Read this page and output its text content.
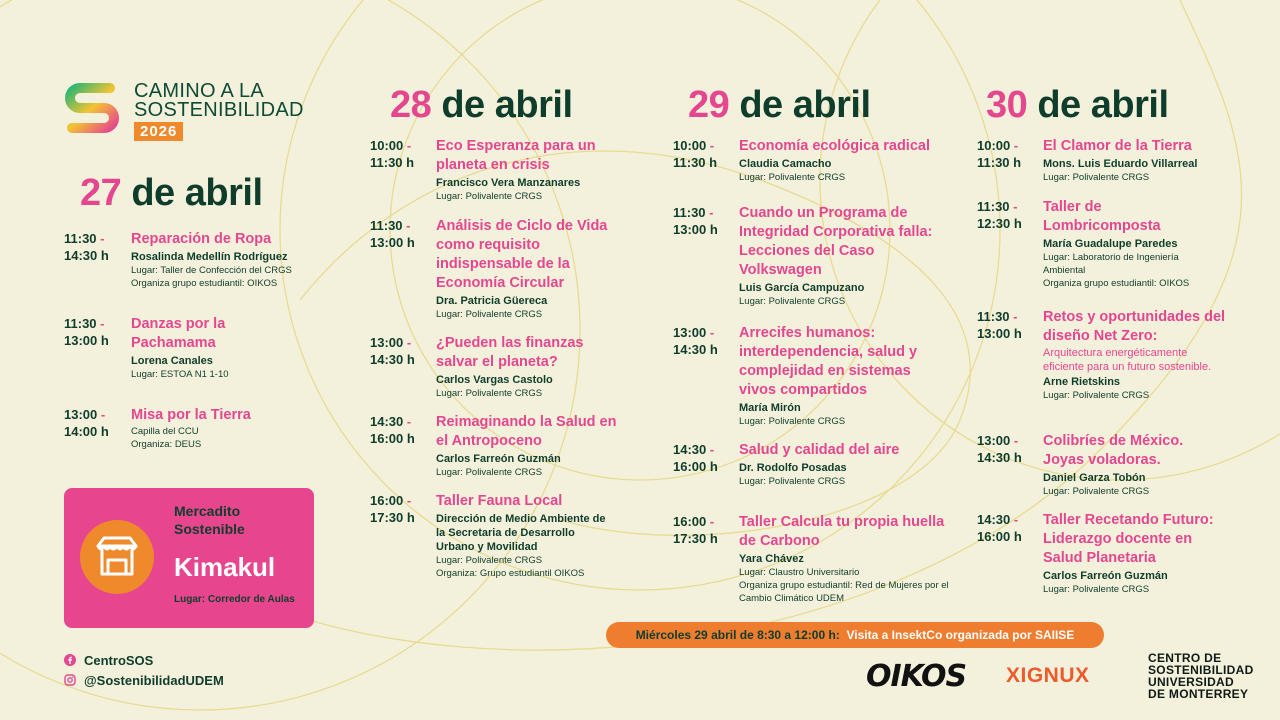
CAMINO A LA
SOSTENIBILIDAD
2026
27 de abril
11:30 -
14:30 h
Reparación de Ropa
Rosalinda Medellín Rodríguez
Lugar: Taller de Confección del CRGS
Organiza grupo estudiantil: OIKOS
11:30 -
13:00 h
Danzas por la Pachamama
Lorena Canales
Lugar: ESTOA N1 1-10
13:00 -
14:00 h
Misa por la Tierra
Capilla del CCU
Organiza: DEUS
Mercadito
Sostenible
Kimakul
Lugar: Corredor de Aulas
CentroSOS
@SostenibilidadUDEM
28 de abril
10:00 -
11:30 h
Eco Esperanza para un planeta en crisis
Francisco Vera Manzanares
Lugar: Polivalente CRGS
11:30 -
13:00 h
Análisis de Ciclo de Vida como requisito indispensable de la Economía Circular
Dra. Patricia Güereca
Lugar: Polivalente CRGS
13:00 -
14:30 h
¿Pueden las finanzas salvar el planeta?
Carlos Vargas Castolo
Lugar: Polivalente CRGS
14:30 -
16:00 h
Reimaginando la Salud en el Antropoceno
Carlos Farreón Guzmán
Lugar: Polivalente CRGS
16:00 -
17:30 h
Taller Fauna Local
Dirección de Medio Ambiente de la Secretaria de Desarrollo Urbano y Movilidad
Lugar: Polivalente CRGS
Organiza: Grupo estudiantil OIKOS
29 de abril
10:00 -
11:30 h
Economía ecológica radical
Claudia Camacho
Lugar: Polivalente CRGS
11:30 -
13:00 h
Cuando un Programa de Integridad Corporativa falla: Lecciones del Caso Volkswagen
Luis García Campuzano
Lugar: Polivalente CRGS
13:00 -
14:30 h
Arrecifes humanos: interdependencia, salud y complejidad en sistemas vivos compartidos
María Mirón
Lugar: Polivalente CRGS
14:30 -
16:00 h
Salud y calidad del aire
Dr. Rodolfo Posadas
Lugar: Polivalente CRGS
16:00 -
17:30 h
Taller Calcula tu propia huella de Carbono
Yara Chávez
Lugar: Claustro Universitario
Organiza grupo estudiantil: Red de Mujeres por el Cambio Climático UDEM
30 de abril
10:00 -
11:30 h
El Clamor de la Tierra
Mons. Luis Eduardo Villarreal
Lugar: Polivalente CRGS
11:30 -
12:30 h
Taller de Lombricomposta
María Guadalupe Paredes
Lugar: Laboratorio de Ingeniería Ambiental
Organiza grupo estudiantil: OIKOS
11:30 -
13:00 h
Retos y oportunidades del diseño Net Zero:
Arquitectura energéticamente eficiente para un futuro sostenible.
Arne Rietskins
Lugar: Polivalente CRGS
13:00 -
14:30 h
Colibríes de México. Joyas voladoras.
Daniel Garza Tobón
Lugar: Polivalente CRGS
14:30 -
16:00 h
Taller Recetando Futuro: Liderazgo docente en Salud Planetaria
Carlos Farreón Guzmán
Lugar: Polivalente CRGS
Miércoles 29 abril de 8:30 a 12:00 h:
Visita a InsektCo organizada por SAIISE
OIKOS XIGNUX
CENTRO DE
SOSTENIBILIDAD
UNIVERSIDAD
DE MONTERREY
